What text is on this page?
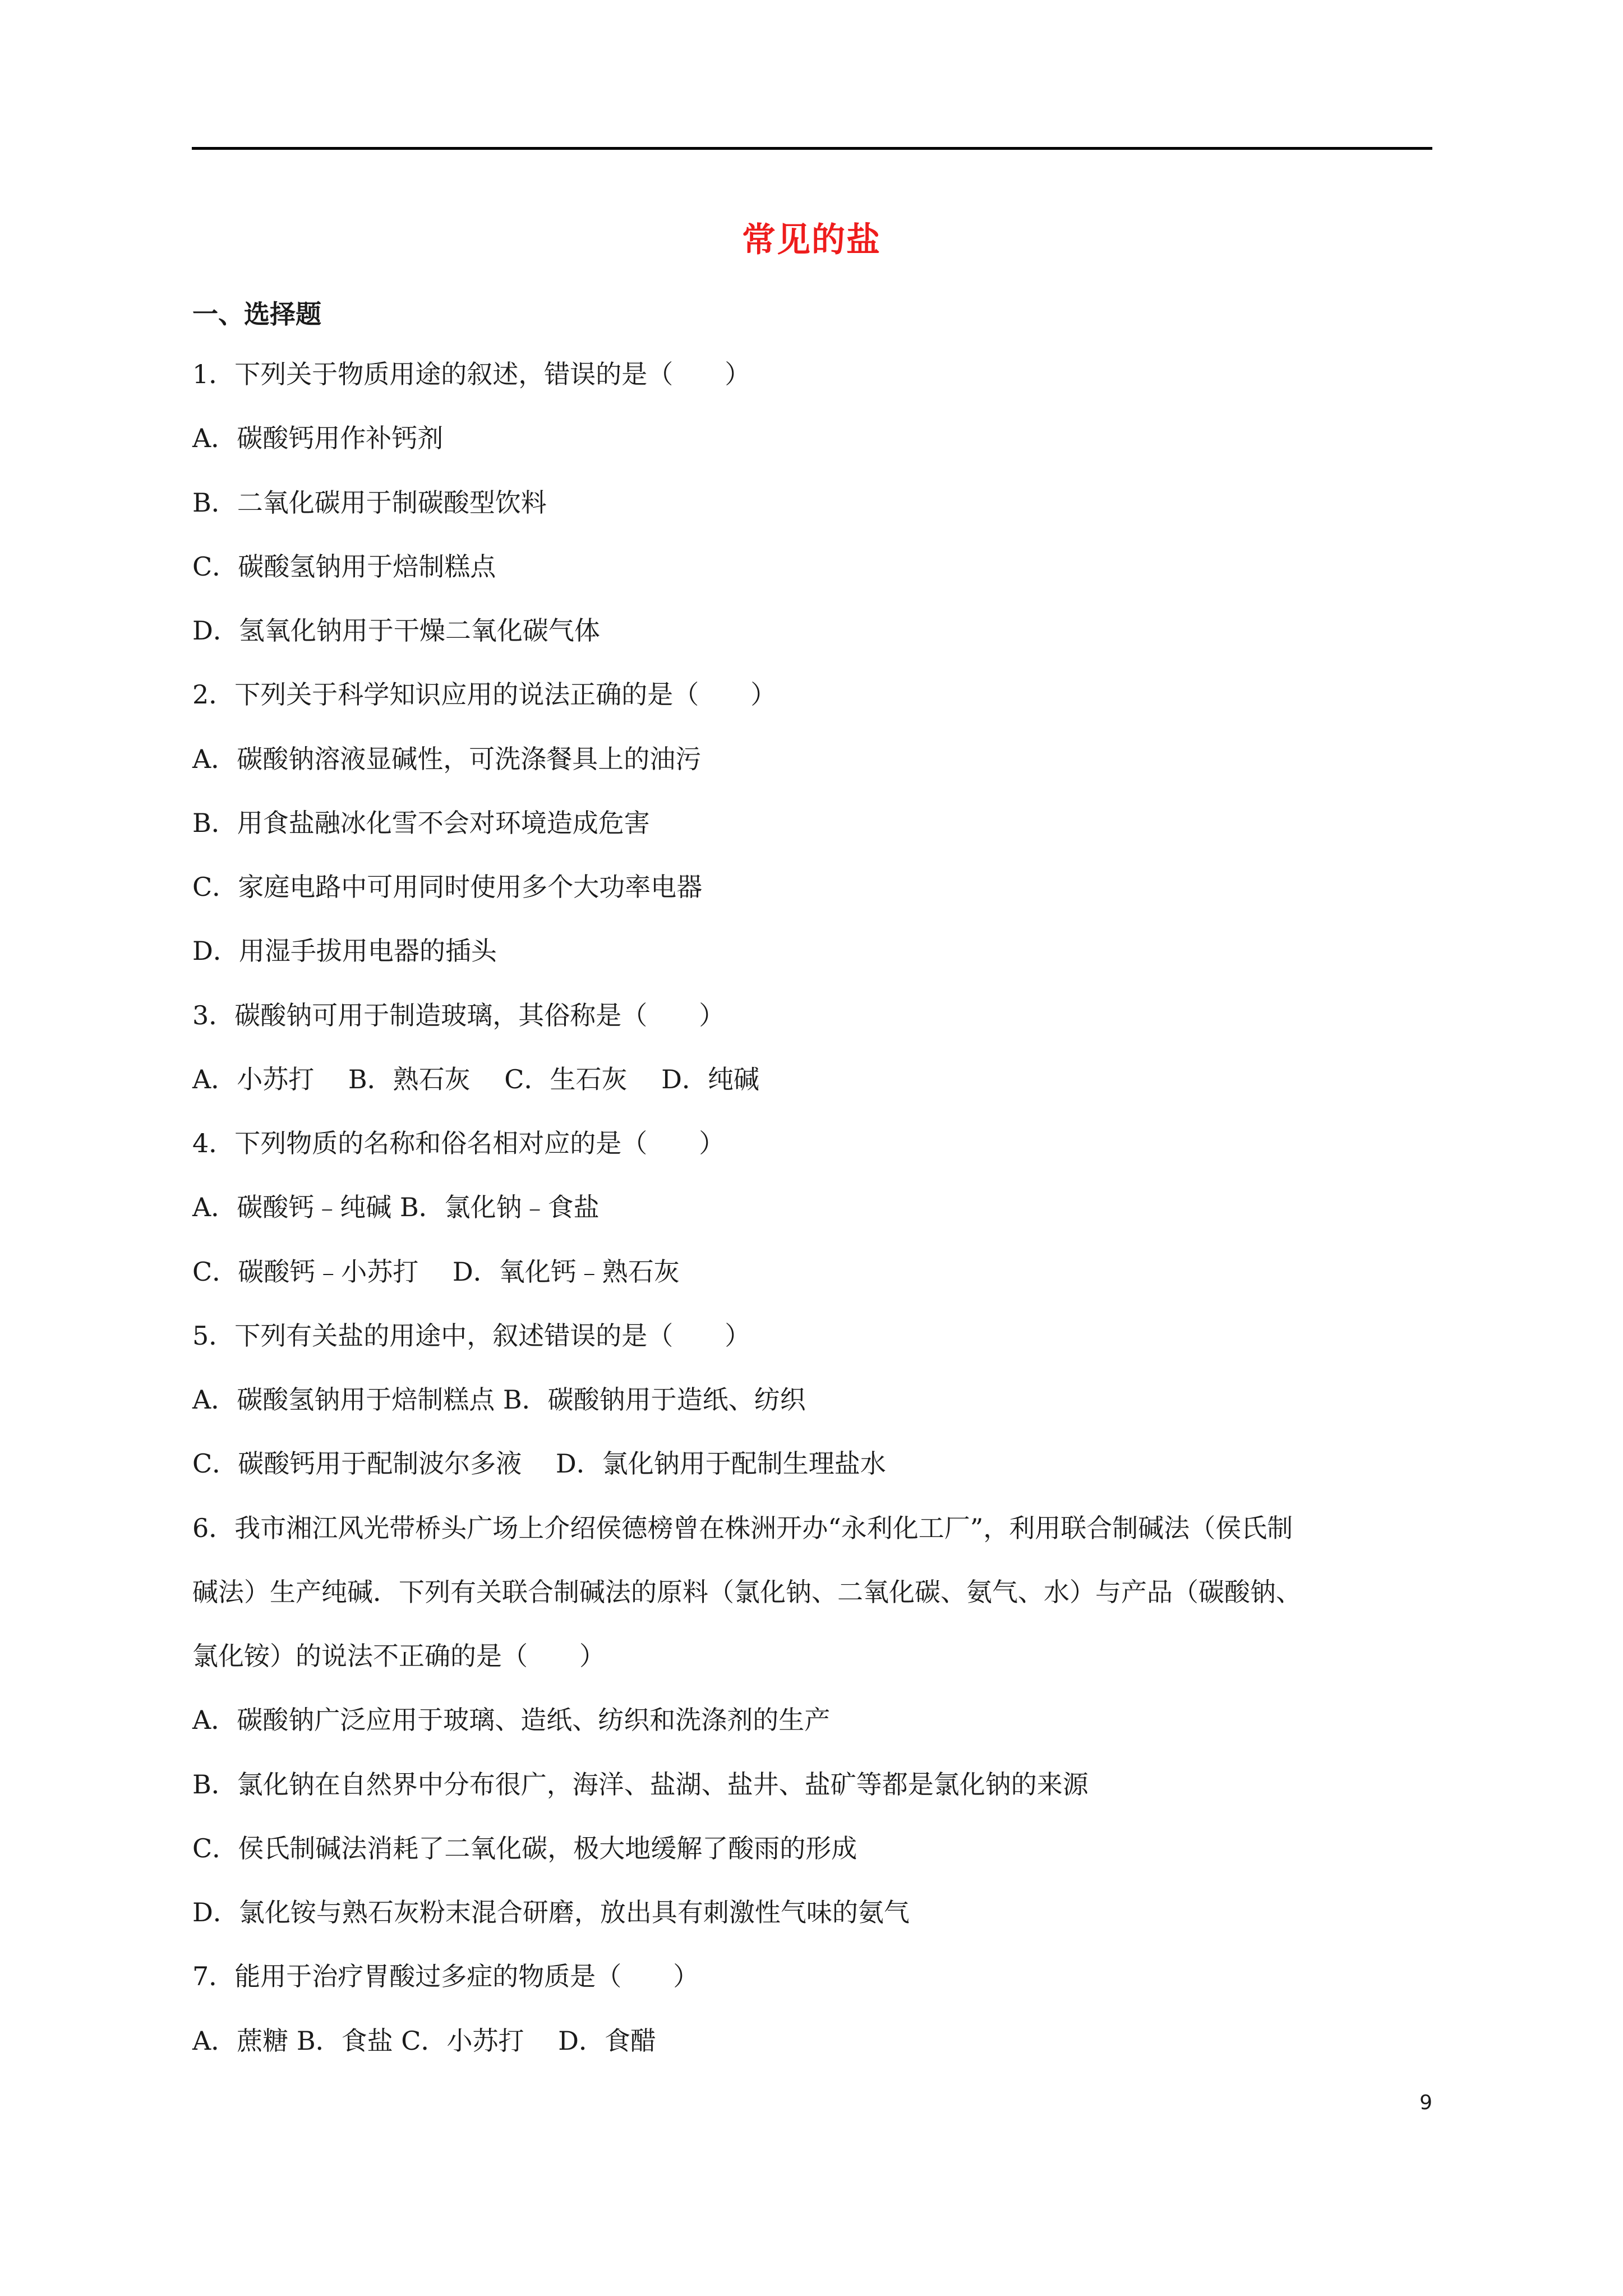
常见的盐
一、选择题
1．下列关于物质用途的叙述，错误的是（　　）
A．碳酸钙用作补钙剂
B．二氧化碳用于制碳酸型饮料
C．碳酸氢钠用于焙制糕点
D．氢氧化钠用于干燥二氧化碳气体
2．下列关于科学知识应用的说法正确的是（　　）
A．碳酸钠溶液显碱性，可洗涤餐具上的油污
B．用食盐融冰化雪不会对环境造成危害
C．家庭电路中可用同时使用多个大功率电器
D．用湿手拔用电器的插头
3．碳酸钠可用于制造玻璃，其俗称是（　　）
A．小苏打　 B．熟石灰　 C．生石灰　 D．纯碱
4．下列物质的名称和俗名相对应的是（　　）
A．碳酸钙﹣纯碱 B．氯化钠﹣食盐
C．碳酸钙﹣小苏打　 D．氧化钙﹣熟石灰
5．下列有关盐的用途中，叙述错误的是（　　）
A．碳酸氢钠用于焙制糕点 B．碳酸钠用于造纸、纺织
C．碳酸钙用于配制波尔多液　 D．氯化钠用于配制生理盐水
6．我市湘江风光带桥头广场上介绍侯德榜曾在株洲开办“永利化工厂”，利用联合制碱法（侯氏制
碱法）生产纯碱．下列有关联合制碱法的原料（氯化钠、二氧化碳、氨气、水）与产品（碳酸钠、
氯化铵）的说法不正确的是（　　）
A．碳酸钠广泛应用于玻璃、造纸、纺织和洗涤剂的生产
B．氯化钠在自然界中分布很广，海洋、盐湖、盐井、盐矿等都是氯化钠的来源
C．侯氏制碱法消耗了二氧化碳，极大地缓解了酸雨的形成
D．氯化铵与熟石灰粉末混合研磨，放出具有刺激性气味的氨气
7．能用于治疗胃酸过多症的物质是（　　）
A．蔗糖 B．食盐 C．小苏打　 D．食醋
9
